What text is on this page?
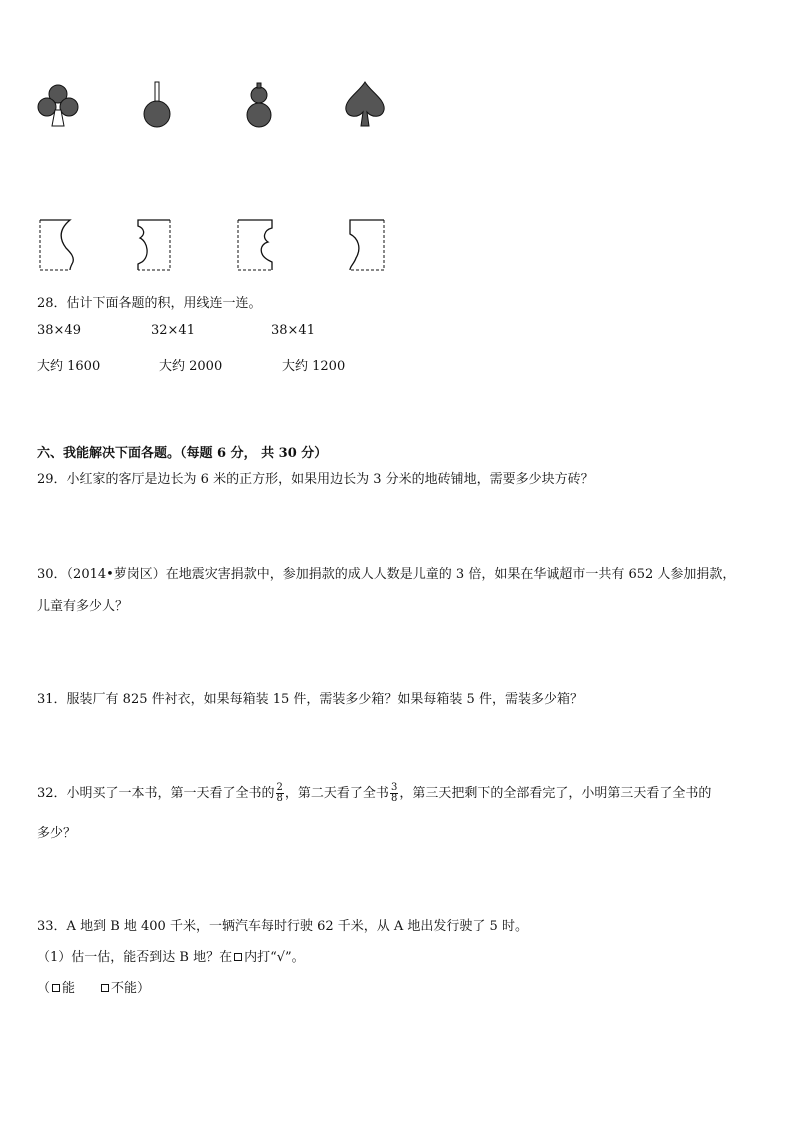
28．估计下面各题的积，用线连一连。
38×49	32×41	38×41
大约 1600	大约 2000	大约 1200
六、我能解决下面各题。（每题 6 分， 共 30 分）
29．小红家的客厅是边长为 6 米的正方形，如果用边长为 3 分米的地砖铺地，需要多少块方砖？
30．（2014•萝岗区）在地震灾害捐款中，参加捐款的成人人数是儿童的 3 倍，如果在华诚超市一共有 652 人参加捐款，
儿童有多少人？
31．服装厂有 825 件衬衣，如果每箱装 15 件，需装多少箱？如果每箱装 5 件，需装多少箱？
32．小明买了一本书，第一天看了全书的 $\frac{2}{8}$ ，第二天看了全书 $\frac{3}{8}$ ，第三天把剩下的全部看完了，小明第三天看了全书的
多少？
33．A 地到 B 地 400 千米，一辆汽车每时行驶 62 千米，从 A 地出发行驶了 5 时。
（1）估一估，能否到达 B 地？在 内打“√”。
（ 能	不能）
